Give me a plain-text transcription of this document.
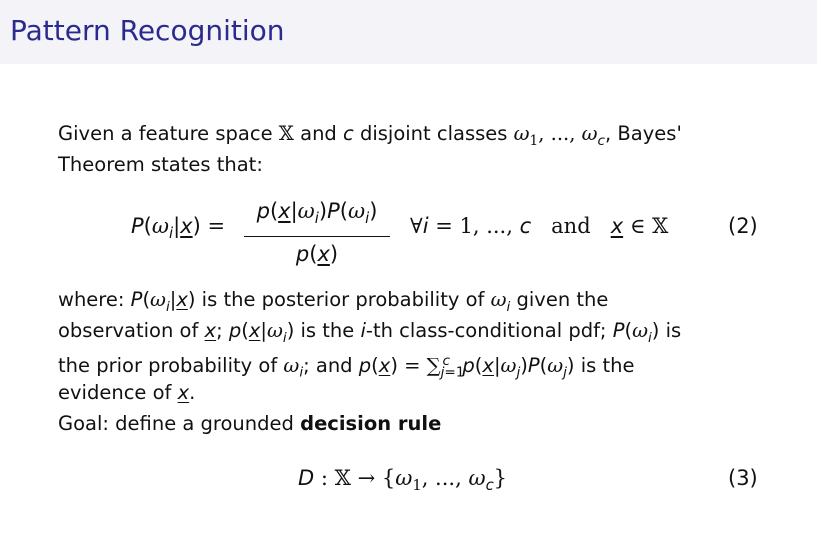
Pattern Recognition
Given a feature space 𝕏 and c disjoint classes $\omega_1$, ..., $\omega_c$, Bayes'
Theorem states that:
$P(\omega_i|x)$ =
$p(x|\omega_i)P(\omega_i)$
p(x)
∀i = 1, ..., c and x ∈ 𝕏	(2)
where: $P(\omega_i|x)$ is the posterior probability of $\omega_i$ given the
observation of x; $p(x|\omega_i)$ is the i-th class-conditional pdf; $P(\omega_i)$ is
the prior probability of $\omega_i$; and $p(x) = \sum_{j=1}^c$ $p(x|\omega_j)P(\omega_j)$ is the
evidence of x.
Goal: define a grounded decision rule
D : 𝕏 → {$\omega_1$, ..., $\omega_c$}	(3)
